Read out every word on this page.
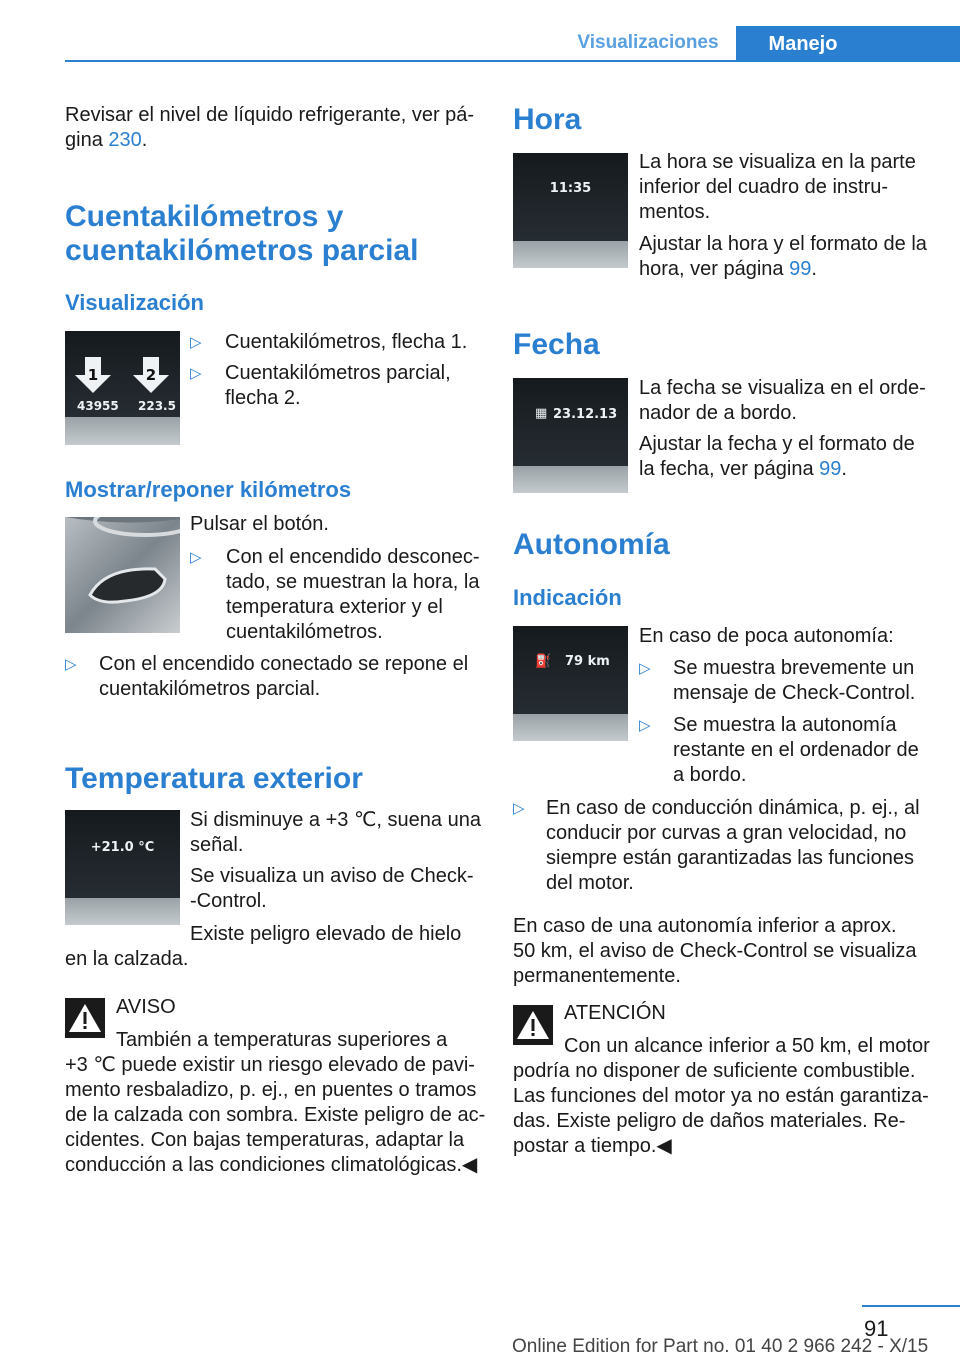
Visualizaciones	Manejo
Revisar el nivel de líquido refrigerante, ver pá‐
gina 230.
Cuentakilómetros y
cuentakilómetros parcial
Visualización
1	2
43955 223.5
▷ Cuentakilómetros, flecha 1.
▷ Cuentakilómetros parcial,
flecha 2.
Mostrar/reponer kilómetros
Pulsar el botón.
▷ Con el encendido desconec‐
tado, se muestran la hora, la
temperatura exterior y el
cuentakilómetros.
▷ Con el encendido conectado se repone el
cuentakilómetros parcial.
Temperatura exterior
+21.0 °C
Si disminuye a +3 ℃, suena una
señal.
Se visualiza un aviso de Check‐
‐Control.
Existe peligro elevado de hielo
en la calzada.
AVISO
También a temperaturas superiores a
+3 ℃ puede existir un riesgo elevado de pavi‐
mento resbaladizo, p. ej., en puentes o tramos
de la calzada con sombra. Existe peligro de ac‐
cidentes. Con bajas temperaturas, adaptar la
conducción a las condiciones climatológicas.◀
Hora
11:35
La hora se visualiza en la parte
inferior del cuadro de instru‐
mentos.
Ajustar la hora y el formato de la
hora, ver página 99.
Fecha
▦ 23.12.13
La fecha se visualiza en el orde‐
nador de a bordo.
Ajustar la fecha y el formato de
la fecha, ver página 99.
Autonomía
Indicación
⛽ 79 km
En caso de poca autonomía:
▷ Se muestra brevemente un
mensaje de Check-Control.
▷ Se muestra la autonomía
restante en el ordenador de
a bordo.
▷ En caso de conducción dinámica, p. ej., al
conducir por curvas a gran velocidad, no
siempre están garantizadas las funciones
del motor.
En caso de una autonomía inferior a aprox.
50 km, el aviso de Check-Control se visualiza
permanentemente.
ATENCIÓN
Con un alcance inferior a 50 km, el motor
podría no disponer de suficiente combustible.
Las funciones del motor ya no están garantiza‐
das. Existe peligro de daños materiales. Re‐
postar a tiempo.◀
91
Online Edition for Part no. 01 40 2 966 242 - X/15
